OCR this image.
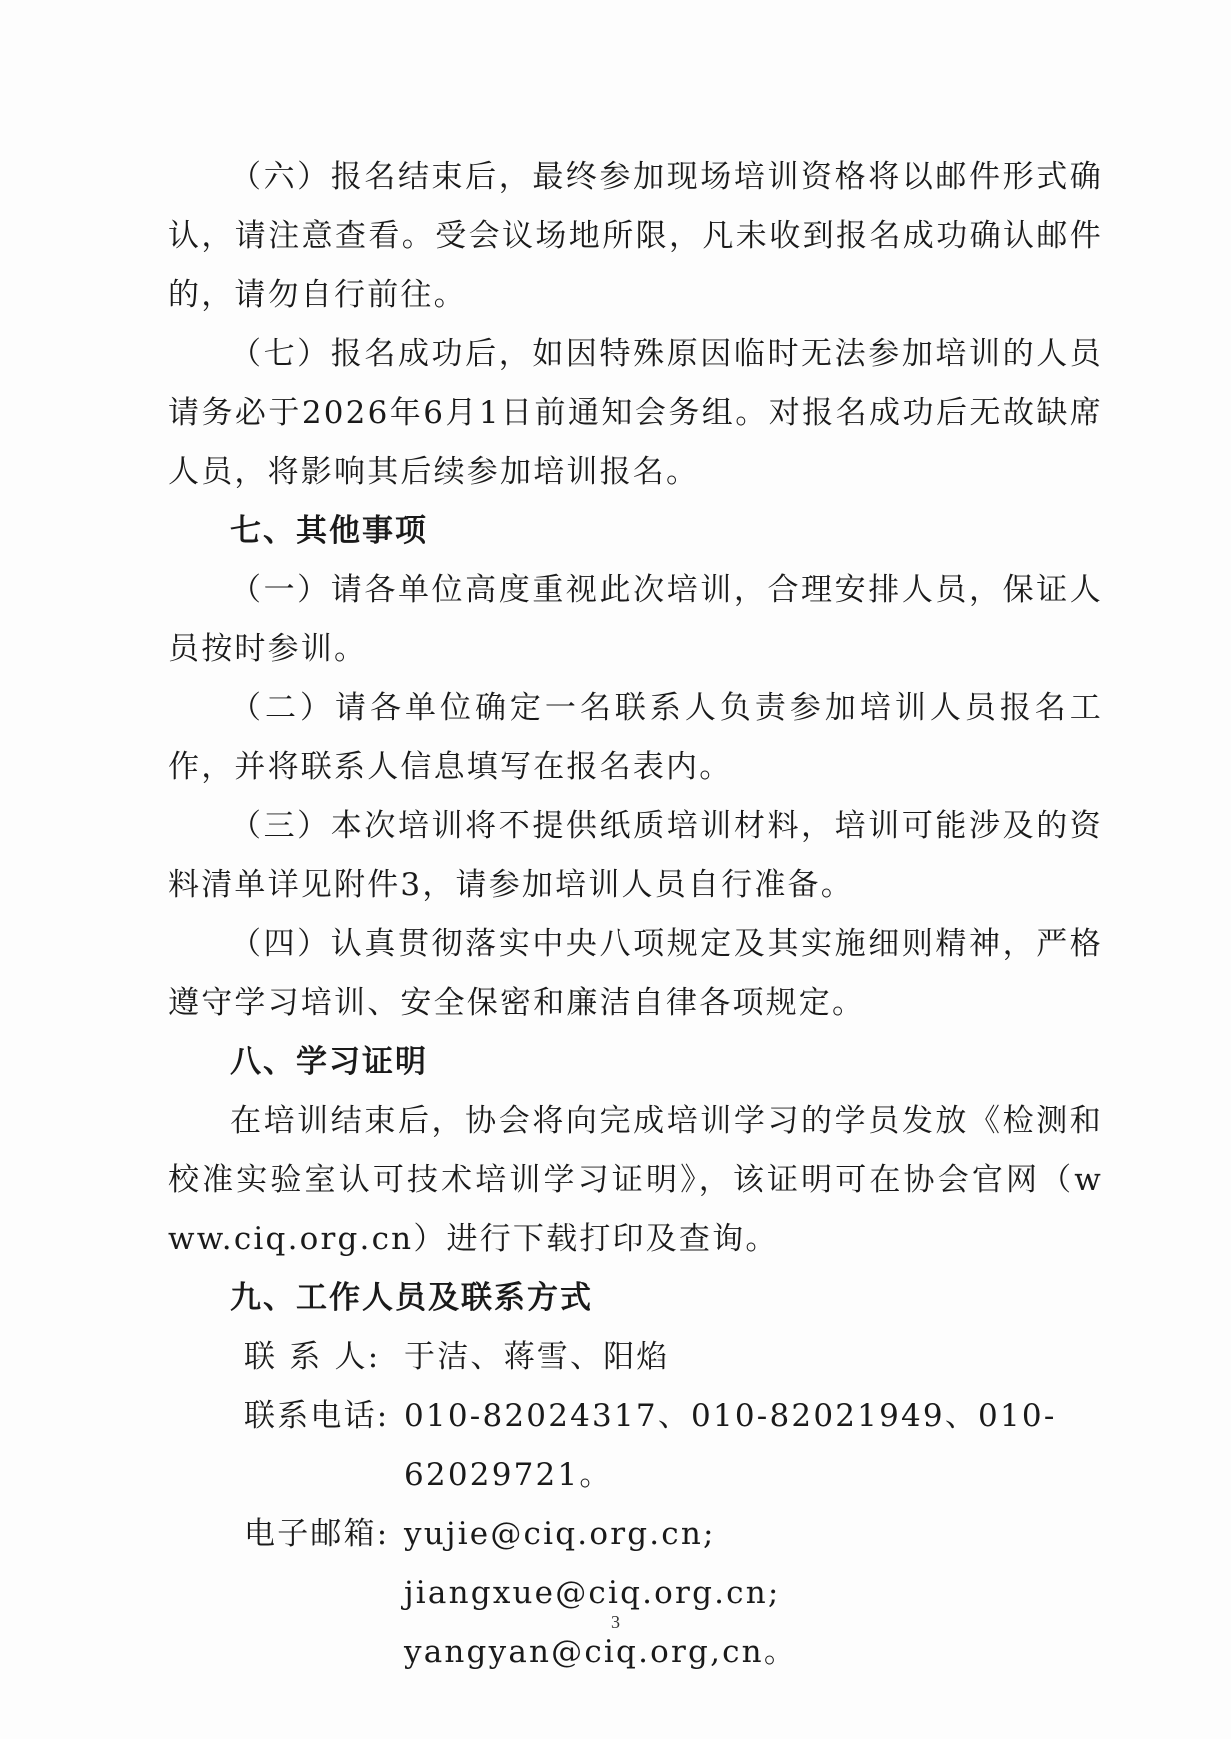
（六）报名结束后，最终参加现场培训资格将以邮件形式确认，请注意查看。受会议场地所限，凡未收到报名成功确认邮件的，请勿自行前往。

（七）报名成功后，如因特殊原因临时无法参加培训的人员请务必于2026年6月1日前通知会务组。对报名成功后无故缺席人员，将影响其后续参加培训报名。

七、其他事项

（一）请各单位高度重视此次培训，合理安排人员，保证人员按时参训。

（二）请各单位确定一名联系人负责参加培训人员报名工作，并将联系人信息填写在报名表内。

（三）本次培训将不提供纸质培训材料，培训可能涉及的资料清单详见附件3，请参加培训人员自行准备。

（四）认真贯彻落实中央八项规定及其实施细则精神，严格遵守学习培训、安全保密和廉洁自律各项规定。

八、学习证明

在培训结束后，协会将向完成培训学习的学员发放《检测和校准实验室认可技术培训学习证明》，该证明可在协会官网（www.ciq.org.cn）进行下载打印及查询。

九、工作人员及联系方式

联 系 人: 于洁、蒋雪、阳焰
联系电话: 010-82024317、010-82021949、010-62029721。
电子邮箱: yujie@ciq.org.cn; jiangxue@ciq.org.cn;
yangyan@ciq.org,cn。
3
